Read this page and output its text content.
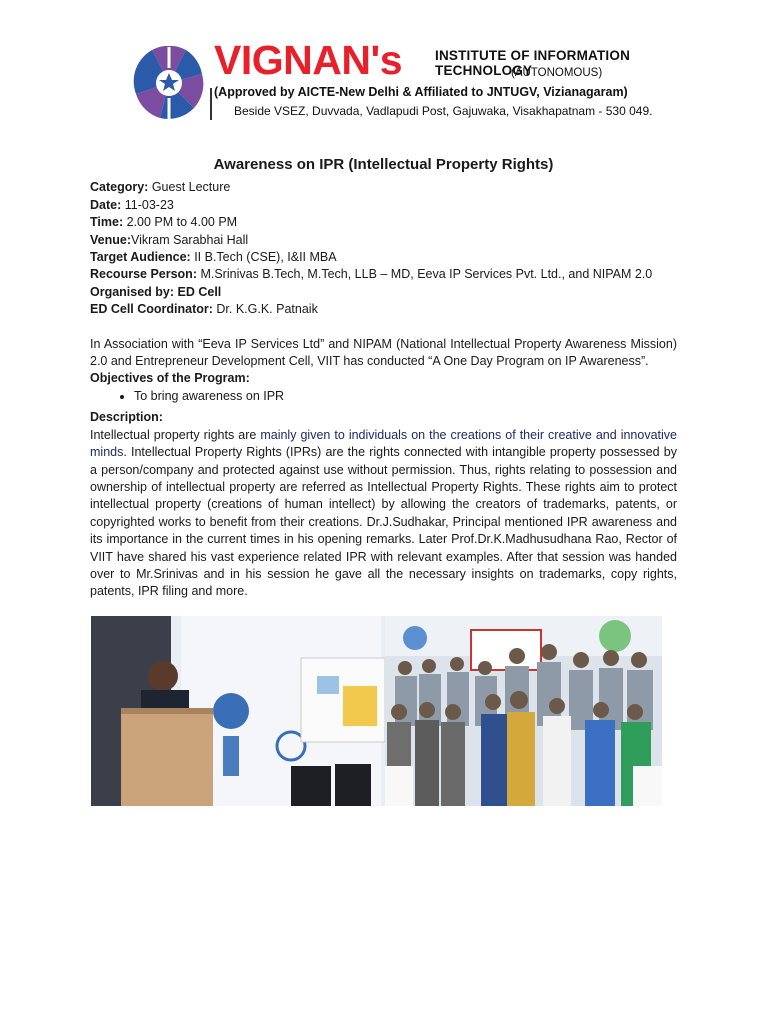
VIGNAN's INSTITUTE OF INFORMATION TECHNOLOGY
(AUTONOMOUS)
(Approved by AICTE-New Delhi & Affiliated to JNTUGV, Vizianagaram)
Beside VSEZ, Duvvada, Vadlapudi Post, Gajuwaka, Visakhapatnam - 530 049.
Awareness on IPR (Intellectual Property Rights)
Category: Guest Lecture
Date: 11-03-23
Time: 2.00 PM to 4.00 PM
Venue:Vikram Sarabhai Hall
Target Audience: II B.Tech (CSE), I&II MBA
Recourse Person: M.Srinivas B.Tech, M.Tech, LLB – MD, Eeva IP Services Pvt. Ltd., and NIPAM 2.0
Organised by: ED Cell
ED Cell Coordinator: Dr. K.G.K. Patnaik
In Association with “Eeva IP Services Ltd” and NIPAM (National Intellectual Property Awareness Mission) 2.0 and Entrepreneur Development Cell, VIIT has conducted “A One Day Program on IP Awareness”.
Objectives of the Program:
• To bring awareness on IPR
Description:
Intellectual property rights are mainly given to individuals on the creations of their creative and innovative minds. Intellectual Property Rights (IPRs) are the rights connected with intangible property possessed by a person/company and protected against use without permission. Thus, rights relating to possession and ownership of intellectual property are referred as Intellectual Property Rights. These rights aim to protect intellectual property (creations of human intellect) by allowing the creators of trademarks, patents, or copyrighted works to benefit from their creations. Dr.J.Sudhakar, Principal mentioned IPR awareness and its importance in the current times in his opening remarks. Later Prof.Dr.K.Madhusudhana Rao, Rector of VIIT have shared his vast experience related IPR with relevant examples. After that session was handed over to Mr.Srinivas and in his session he gave all the necessary insights on trademarks, copy rights, patents, IPR filing and more.
